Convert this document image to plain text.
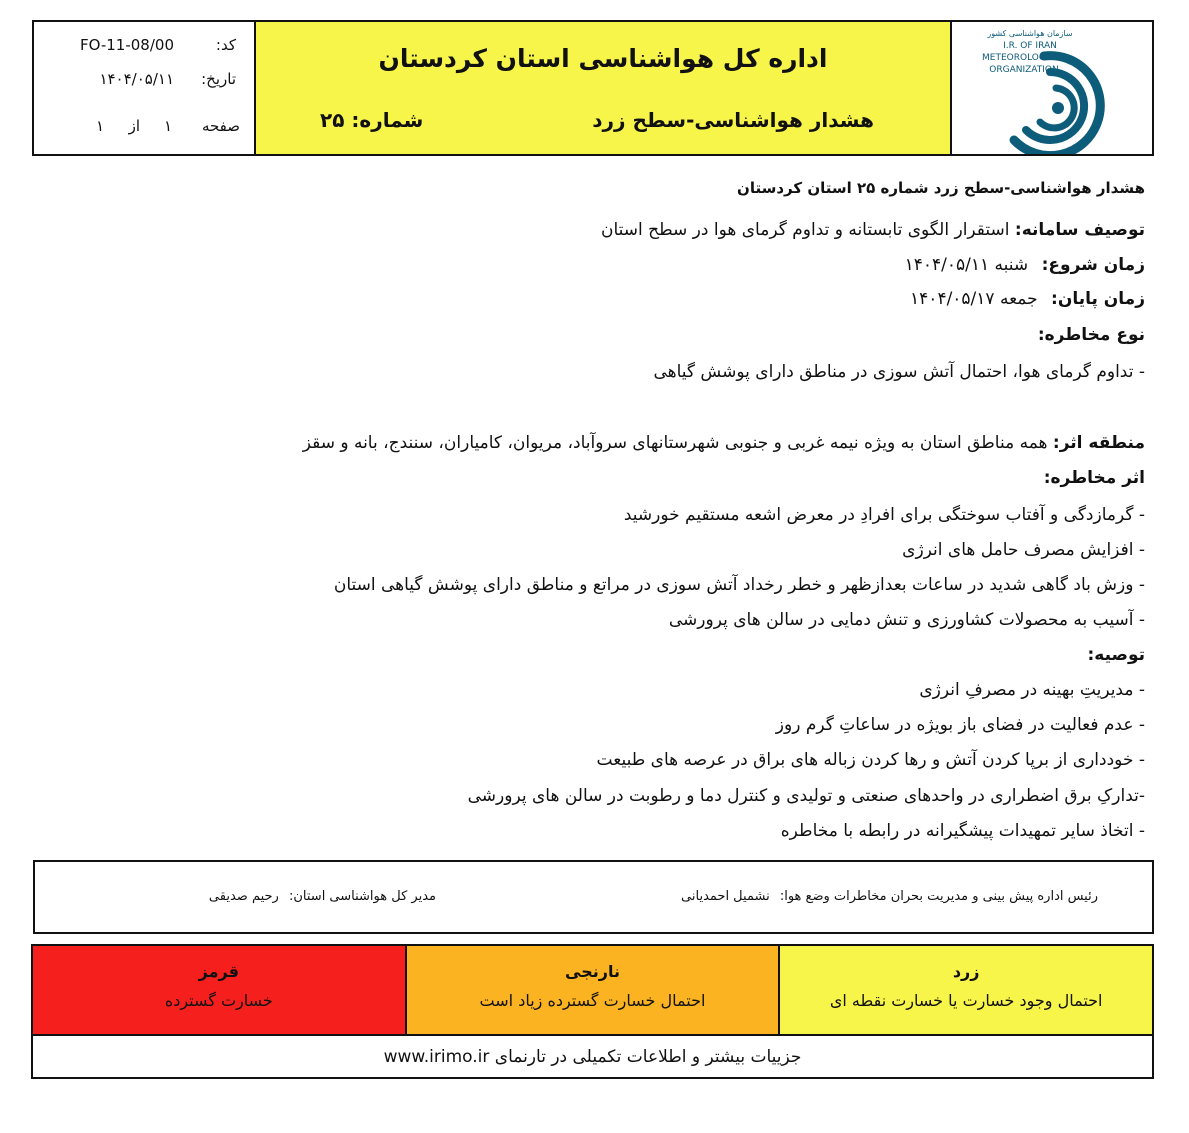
کد:
FO-11-08/00
تاریخ:
۱۴۰۴/۰۵/۱۱
صفحه
۱
از
۱
اداره کل هواشناسی استان کردستان
هشدار هواشناسی-سطح زرد
شماره: ۲۵
سازمان هواشناسی کشور
I.R. OF IRAN
METEOROLOGICAL
ORGANIZATION
هشدار هواشناسی-سطح زرد شماره ۲۵ استان کردستان
توصیف سامانه: استقرار الگوی تابستانه و تداوم گرمای هوا در سطح استان
زمان شروع: شنبه ۱۴۰۴/۰۵/۱۱
زمان پایان: جمعه ۱۴۰۴/۰۵/۱۷
نوع مخاطره:
- تداوم گرمای هوا، احتمال آتش سوزی در مناطق دارای پوشش گیاهی
منطقه اثر: همه مناطق استان به ویژه نیمه غربی و جنوبی شهرستانهای سروآباد، مریوان، کامیاران، سنندج، بانه و سقز
اثر مخاطره:
- گرمازدگی و آفتاب سوختگی برای افرادِ در معرض اشعه مستقیم خورشید
- افزایش مصرف حامل های انرژی
- وزش باد گاهی شدید در ساعات بعدازظهر و خطر رخداد آتش سوزی در مراتع و مناطق دارای پوشش گیاهی استان
- آسیب به محصولات کشاورزی و تنش دمایی در سالن های پرورشی
توصیه:
- مدیریتِ بهینه در مصرفِ انرژی
- عدم فعالیت در فضای باز بویژه در ساعاتِ گرم روز
- خودداری از برپا کردن آتش و رها کردن زباله های براق در عرصه های طبیعت
-تدارکِ برق اضطراری در واحدهای صنعتی و تولیدی و کنترل دما و رطوبت در سالن های پرورشی
- اتخاذ سایر تمهیدات پیشگیرانه در رابطه با مخاطره
رئیس اداره پیش بینی و مدیریت بحران مخاطرات وضع هوا: نشمیل احمدیانی
مدیر کل هواشناسی استان: رحیم صدیقی
زرد
احتمال وجود خسارت یا خسارت نقطه ای
نارنجی
احتمال خسارت گسترده زیاد است
قرمز
خسارت گسترده
جزییات بیشتر و اطلاعات تکمیلی در تارنمای www.irimo.ir
